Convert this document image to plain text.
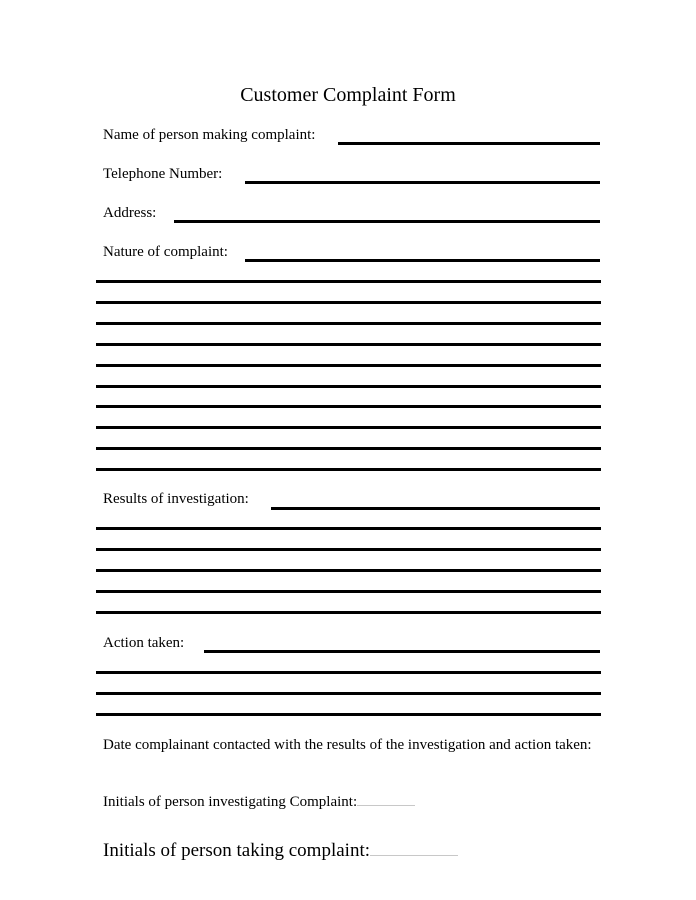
Customer Complaint Form
Name of person making complaint:
Telephone Number:
Address:
Nature of complaint:
Results of investigation:
Action taken:
Date complainant contacted with the results of the investigation and action taken:
Initials of person investigating Complaint:
Initials of person taking complaint:
